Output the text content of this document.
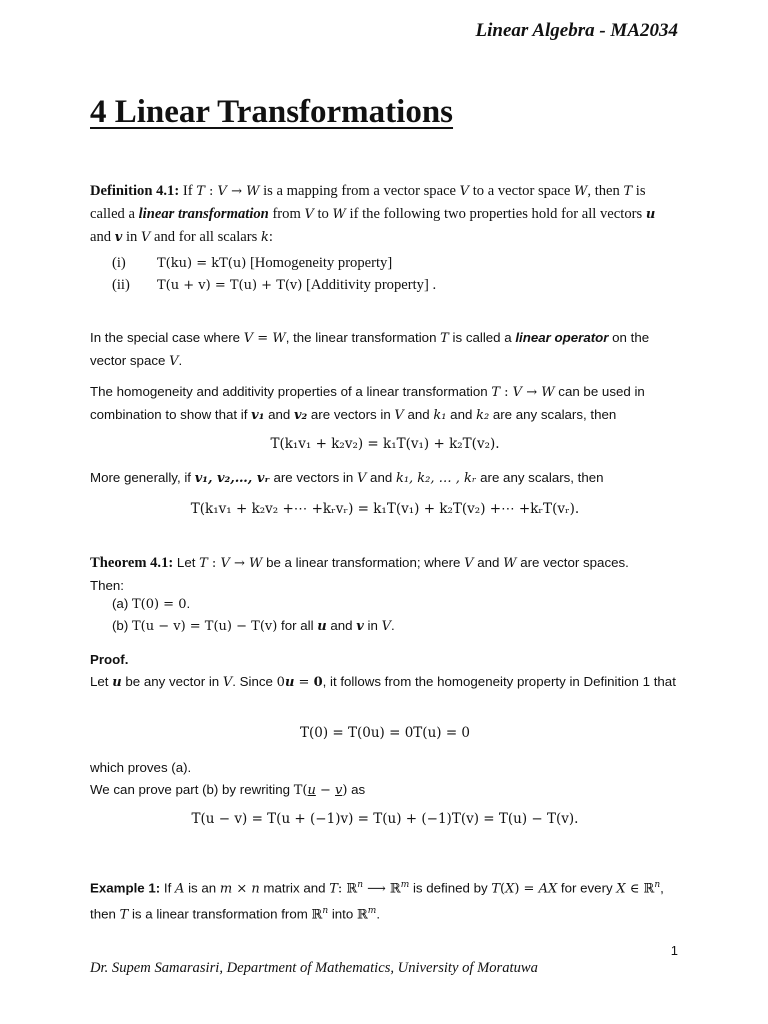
Linear Algebra - MA2034
4 Linear Transformations
Definition 4.1: If T : V → W is a mapping from a vector space V to a vector space W, then T is called a linear transformation from V to W if the following two properties hold for all vectors u
and v in V and for all scalars k:
(i) T(ku) = kT(u) [Homogeneity property]
(ii) T(u + v) = T(u) + T(v) [Additivity property] .
In the special case where V = W, the linear transformation T is called a linear operator on the vector space V.
The homogeneity and additivity properties of a linear transformation T : V → W can be used in combination to show that if v₁ and v₂ are vectors in V and k₁ and k₂ are any scalars, then
T(k₁v₁ + k₂v₂) = k₁T(v₁) + k₂T(v₂).
More generally, if v₁, v₂,…, vᵣ are vectors in V and k₁, k₂, … , kᵣ are any scalars, then
T(k₁v₁ + k₂v₂ +⋯ +kᵣvᵣ) = k₁T(v₁) + k₂T(v₂) +⋯ +kᵣT(vᵣ).
Theorem 4.1: Let T : V → W be a linear transformation; where V and W are vector spaces.
Then:
(a) T(0) = 0.
(b) T(u − v) = T(u) − T(v) for all u and v in V.
Proof.
Let u be any vector in V. Since 0u = 0, it follows from the homogeneity property in Definition 1 that
T(0) = T(0u) = 0T(u) = 0
which proves (a).
We can prove part (b) by rewriting T(u − v) as
T(u − v) = T(u + (−1)v) = T(u) + (−1)T(v) = T(u) − T(v).
Example 1: If A is an m × n matrix and T: ℝ$^n$ ⟶ ℝ$^m$ is defined by T(X) = AX for every X ∈ ℝ$^n$,
then T is a linear transformation from ℝ$^n$ into ℝ$^m$.
1
Dr. Supem Samarasiri, Department of Mathematics, University of Moratuwa
